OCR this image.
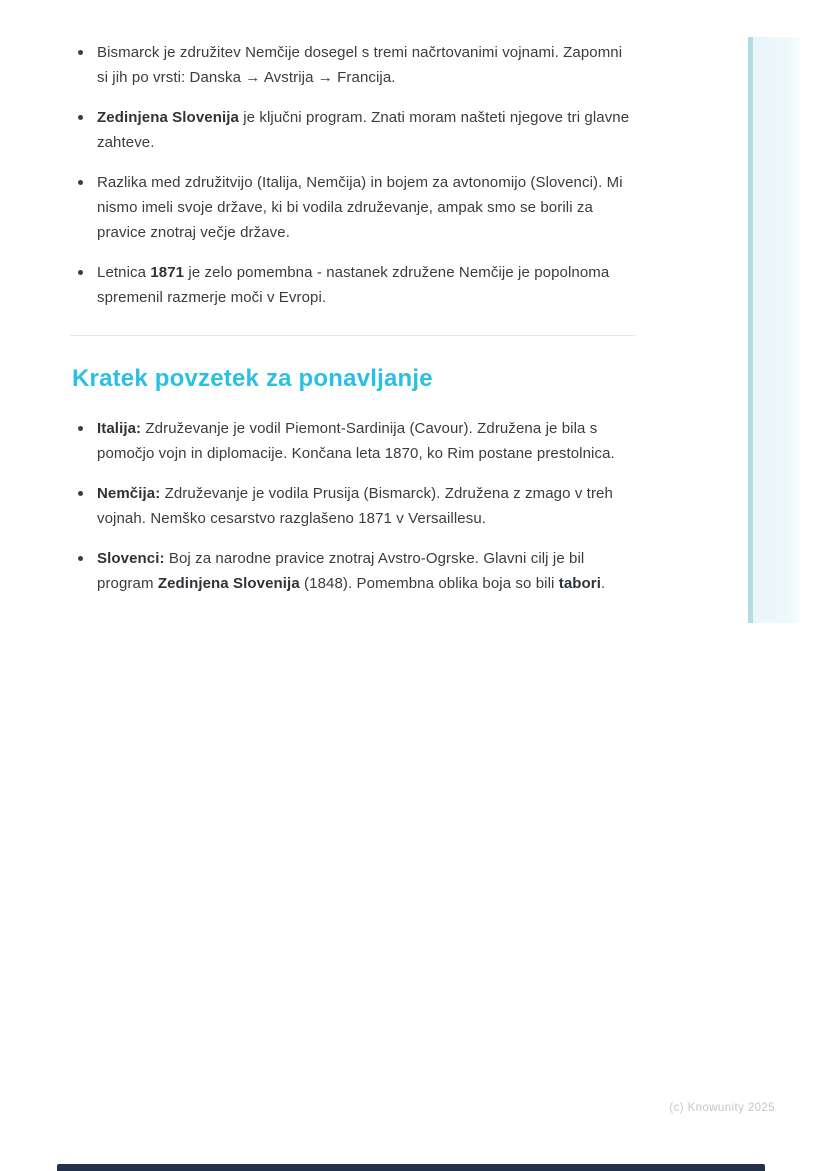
Bismarck je združitev Nemčije dosegel s tremi načrtovanimi vojnami. Zapomni si jih po vrsti: Danska → Avstrija → Francija.
Zedinjena Slovenija je ključni program. Znati moram našteti njegove tri glavne zahteve.
Razlika med združitvijo (Italija, Nemčija) in bojem za avtonomijo (Slovenci). Mi nismo imeli svoje države, ki bi vodila združevanje, ampak smo se borili za pravice znotraj večje države.
Letnica 1871 je zelo pomembna - nastanek združene Nemčije je popolnoma spremenil razmerje moči v Evropi.
Kratek povzetek za ponavljanje
Italija: Združevanje je vodil Piemont-Sardinija (Cavour). Združena je bila s pomočjo vojn in diplomacije. Končana leta 1870, ko Rim postane prestolnica.
Nemčija: Združevanje je vodila Prusija (Bismarck). Združena z zmago v treh vojnah. Nemško cesarstvo razglašeno 1871 v Versaillesu.
Slovenci: Boj za narodne pravice znotraj Avstro-Ogrske. Glavni cilj je bil program Zedinjena Slovenija (1848). Pomembna oblika boja so bili tabori.
(c) Knowunity 2025
